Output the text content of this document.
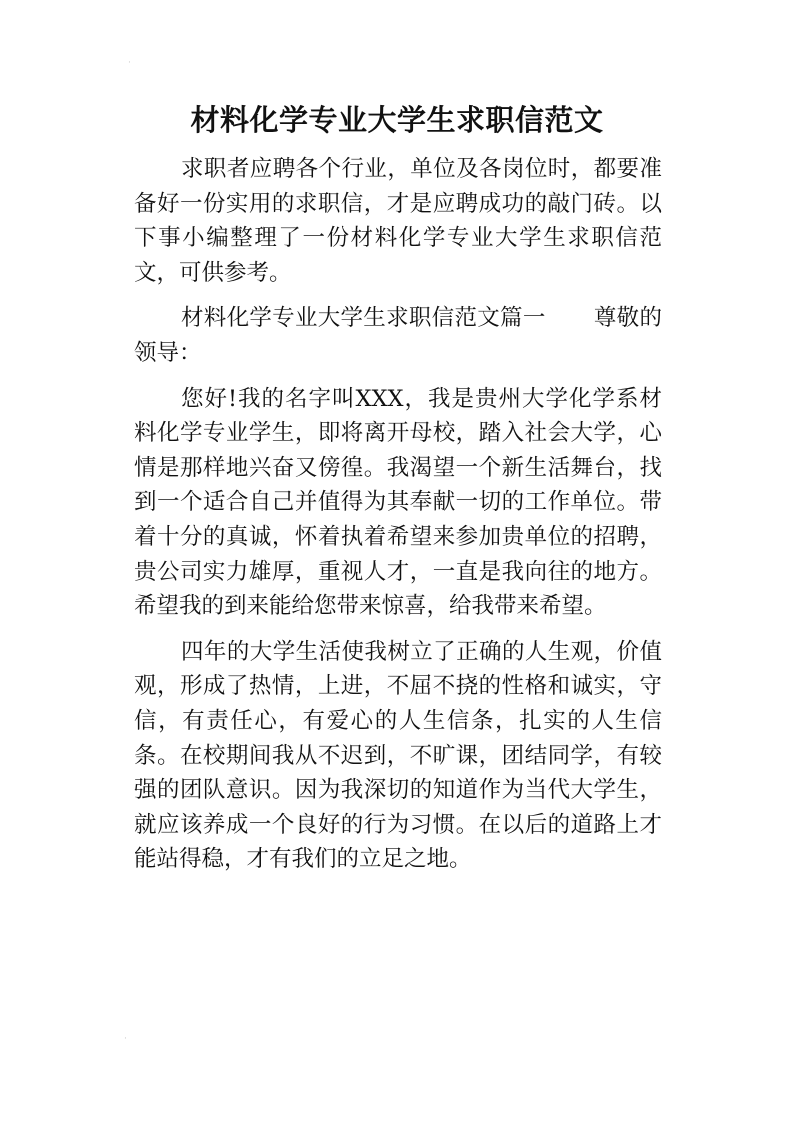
·
材料化学专业大学生求职信范文

求职者应聘各个行业，单位及各岗位时，都要准备好一份实用的求职信，才是应聘成功的敲门砖。以下事小编整理了一份材料化学专业大学生求职信范文，可供参考。

材料化学专业大学生求职信范文篇一 尊敬的领导：

您好!我的名字叫XXX，我是贵州大学化学系材料化学专业学生，即将离开母校，踏入社会大学，心情是那样地兴奋又傍徨。我渴望一个新生活舞台，找到一个适合自己并值得为其奉献一切的工作单位。带着十分的真诚，怀着执着希望来参加贵单位的招聘，贵公司实力雄厚，重视人才，一直是我向往的地方。希望我的到来能给您带来惊喜，给我带来希望。

四年的大学生活使我树立了正确的人生观，价值观，形成了热情，上进，不屈不挠的性格和诚实，守信，有责任心，有爱心的人生信条，扎实的人生信条。在校期间我从不迟到，不旷课，团结同学，有较强的团队意识。因为我深切的知道作为当代大学生，就应该养成一个良好的行为习惯。在以后的道路上才能站得稳，才有我们的立足之地。

·
